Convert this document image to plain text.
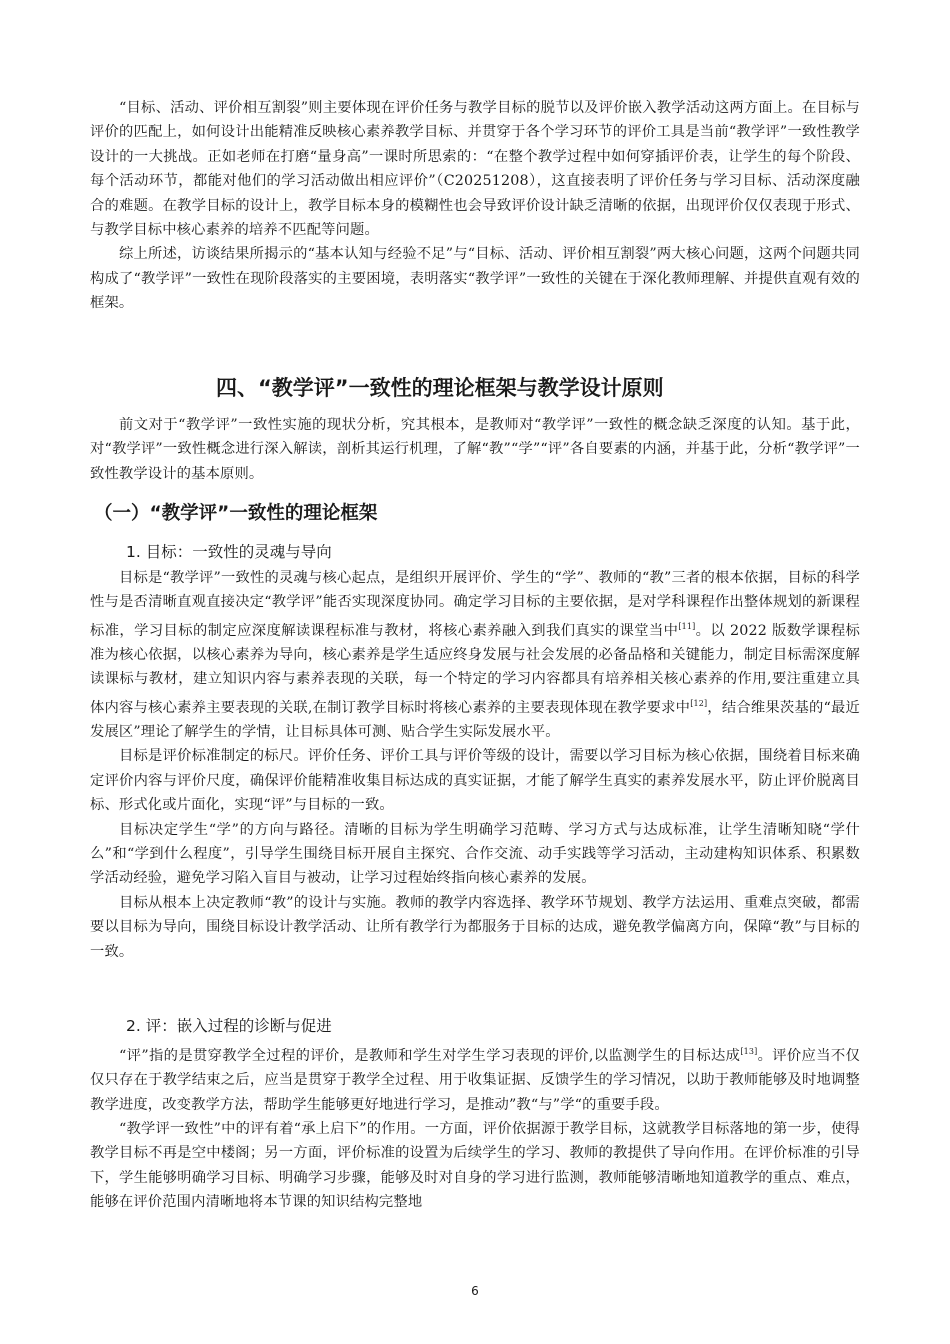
“目标、活动、评价相互割裂”则主要体现在评价任务与教学目标的脱节以及评价嵌入教学活动这两方面上。在目标与评价的匹配上，如何设计出能精准反映核心素养教学目标、并贯穿于各个学习环节的评价工具是当前“教学评”一致性教学设计的一大挑战。正如老师在打磨“量身高”一课时所思索的：“在整个教学过程中如何穿插评价表，让学生的每个阶段、每个活动环节，都能对他们的学习活动做出相应评价”（C20251208），这直接表明了评价任务与学习目标、活动深度融合的难题。在教学目标的设计上，教学目标本身的模糊性也会导致评价设计缺乏清晰的依据，出现评价仅仅表现于形式、与教学目标中核心素养的培养不匹配等问题。

综上所述，访谈结果所揭示的“基本认知与经验不足”与“目标、活动、评价相互割裂”两大核心问题，这两个问题共同构成了“教学评”一致性在现阶段落实的主要困境，表明落实“教学评”一致性的关键在于深化教师理解、并提供直观有效的框架。

四、“教学评”一致性的理论框架与教学设计原则

前文对于“教学评”一致性实施的现状分析，究其根本，是教师对“教学评”一致性的概念缺乏深度的认知。基于此，对“教学评”一致性概念进行深入解读，剖析其运行机理，了解“教”“学”“评”各自要素的内涵，并基于此，分析“教学评”一致性教学设计的基本原则。

（一）“教学评”一致性的理论框架
1. 目标：一致性的灵魂与导向

目标是“教学评”一致性的灵魂与核心起点，是组织开展评价、学生的“学”、教师的“教”三者的根本依据，目标的科学性与是否清晰直观直接决定“教学评”能否实现深度协同。确定学习目标的主要依据，是对学科课程作出整体规划的新课程标准，学习目标的制定应深度解读课程标准与教材，将核心素养融入到我们真实的课堂当中[11]。以 2022 版数学课程标准为核心依据，以核心素养为导向，核心素养是学生适应终身发展与社会发展的必备品格和关键能力，制定目标需深度解读课标与教材，建立知识内容与素养表现的关联，每一个特定的学习内容都具有培养相关核心素养的作用,要注重建立具体内容与核心素养主要表现的关联,在制订教学目标时将核心素养的主要表现体现在教学要求中[12]，结合维果茨基的“最近发展区”理论了解学生的学情，让目标具体可测、贴合学生实际发展水平。

目标是评价标准制定的标尺。评价任务、评价工具与评价等级的设计，需要以学习目标为核心依据，围绕着目标来确定评价内容与评价尺度，确保评价能精准收集目标达成的真实证据，才能了解学生真实的素养发展水平，防止评价脱离目标、形式化或片面化，实现“评”与目标的一致。

目标决定学生“学”的方向与路径。清晰的目标为学生明确学习范畴、学习方式与达成标准，让学生清晰知晓“学什么”和“学到什么程度”，引导学生围绕目标开展自主探究、合作交流、动手实践等学习活动，主动建构知识体系、积累数学活动经验，避免学习陷入盲目与被动，让学习过程始终指向核心素养的发展。

目标从根本上决定教师“教”的设计与实施。教师的教学内容选择、教学环节规划、教学方法运用、重难点突破，都需要以目标为导向，围绕目标设计教学活动、让所有教学行为都服务于目标的达成，避免教学偏离方向，保障“教”与目标的一致。

2. 评：嵌入过程的诊断与促进

“评”指的是贯穿教学全过程的评价，是教师和学生对学生学习表现的评价,以监测学生的目标达成[13]。评价应当不仅仅只存在于教学结束之后，应当是贯穿于教学全过程、用于收集证据、反馈学生的学习情况，以助于教师能够及时地调整教学进度，改变教学方法，帮助学生能够更好地进行学习，是推动”教“与”学“的重要手段。

“教学评一致性”中的评有着“承上启下”的作用。一方面，评价依据源于教学目标，这就教学目标落地的第一步，使得教学目标不再是空中楼阁；另一方面，评价标准的设置为后续学生的学习、教师的教提供了导向作用。在评价标准的引导下，学生能够明确学习目标、明确学习步骤，能够及时对自身的学习进行监测，教师能够清晰地知道教学的重点、难点，能够在评价范围内清晰地将本节课的知识结构完整地

6
